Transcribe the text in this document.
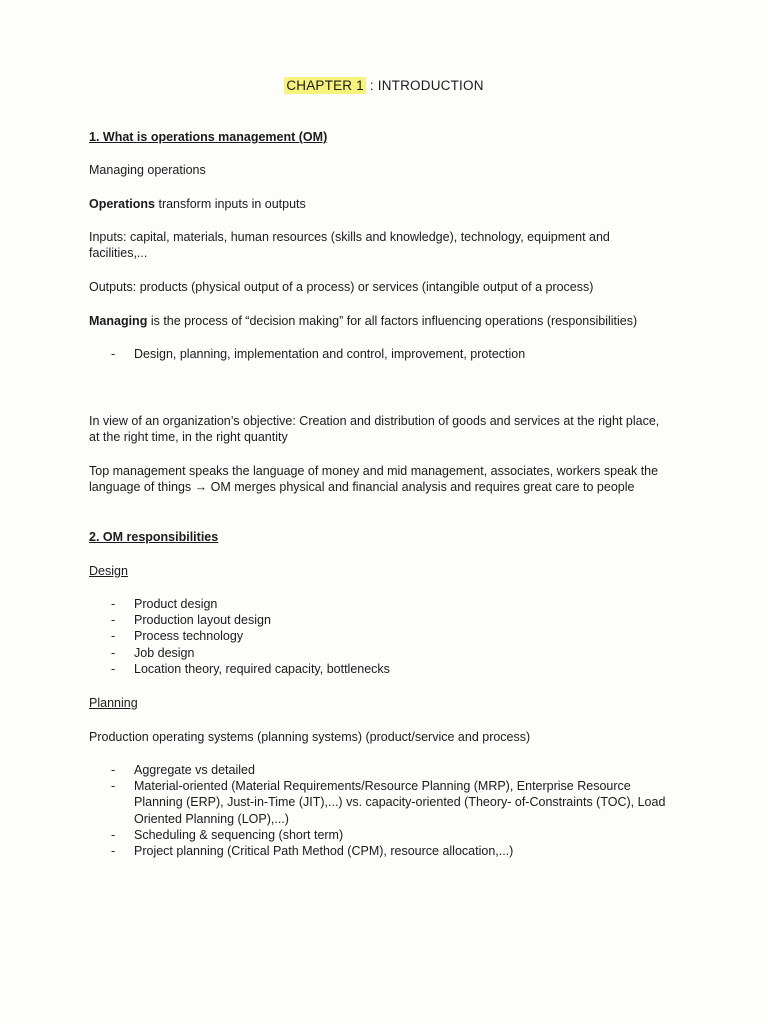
CHAPTER 1 : INTRODUCTION
1. What is operations management (OM)
Managing operations
Operations transform inputs in outputs
Inputs: capital, materials, human resources (skills and knowledge), technology, equipment and facilities,...
Outputs: products (physical output of a process) or services (intangible output of a process)
Managing is the process of “decision making” for all factors influencing operations (responsibilities)
- Design, planning, implementation and control, improvement, protection
In view of an organization’s objective: Creation and distribution of goods and services at the right place, at the right time, in the right quantity
Top management speaks the language of money and mid management, associates, workers speak the language of things → OM merges physical and financial analysis and requires great care to people
2. OM responsibilities
Design
- Product design
- Production layout design
- Process technology
- Job design
- Location theory, required capacity, bottlenecks
Planning
Production operating systems (planning systems) (product/service and process)
- Aggregate vs detailed
- Material-oriented (Material Requirements/Resource Planning (MRP), Enterprise Resource Planning (ERP), Just-in-Time (JIT),...) vs. capacity-oriented (Theory- of-Constraints (TOC), Load Oriented Planning (LOP),...)
- Scheduling & sequencing (short term)
- Project planning (Critical Path Method (CPM), resource allocation,...)
